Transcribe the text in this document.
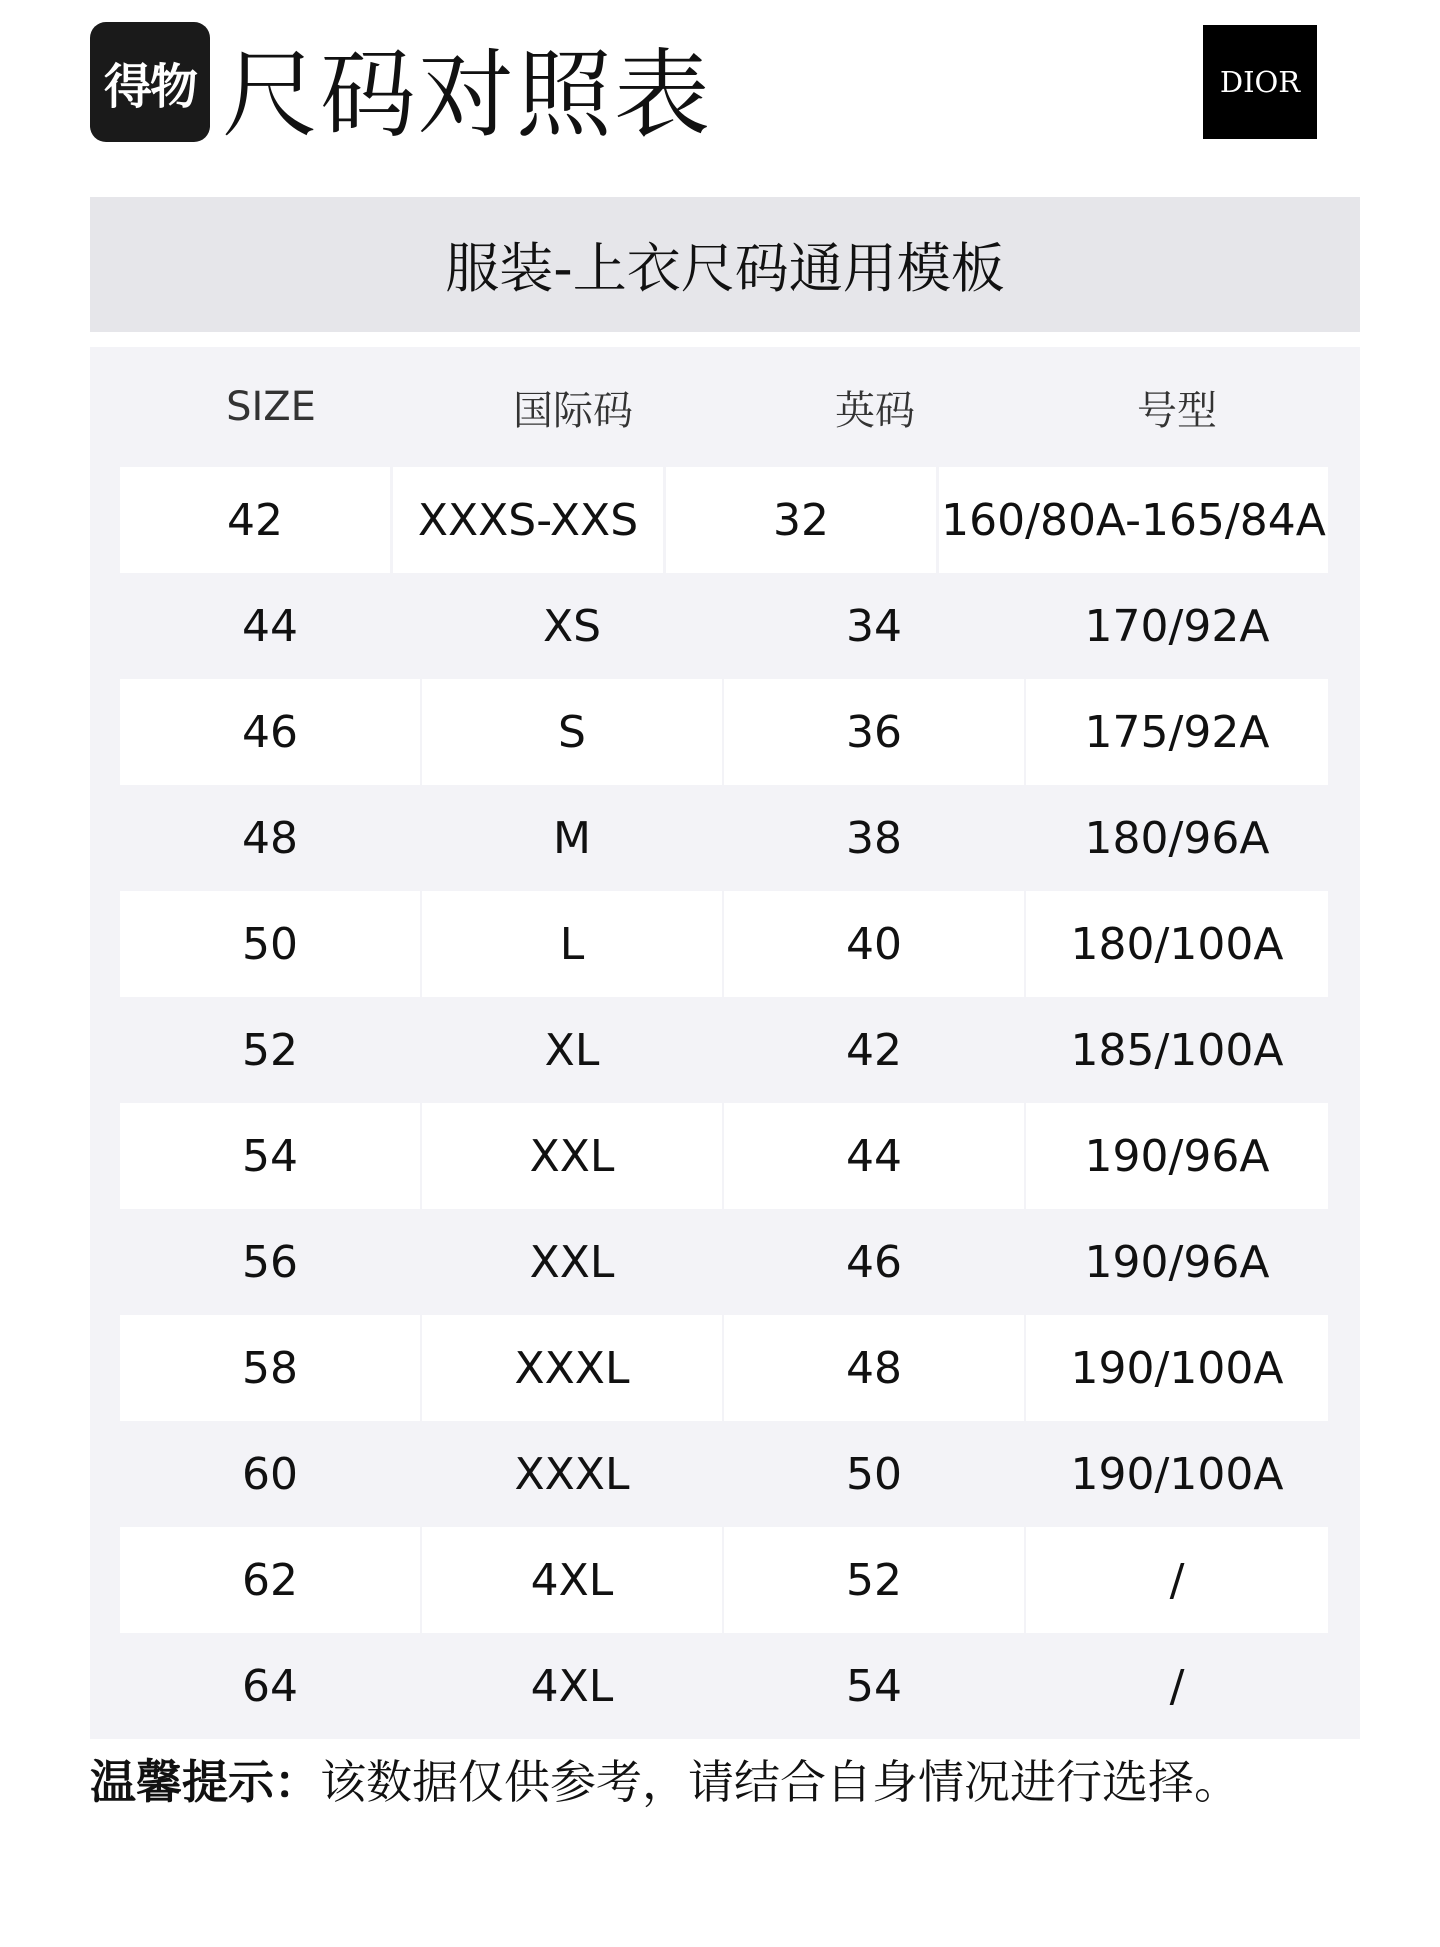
得物 尺码对照表	DIOR
服装-上衣尺码通用模板
SIZE	国际码	英码	号型
42	XXXS-XXS	32	160/80A-165/84A
44	XS	34	170/92A
46	S	36	175/92A
48	M	38	180/96A
50	L	40	180/100A
52	XL	42	185/100A
54	XXL	44	190/96A
56	XXL	46	190/96A
58	XXXL	48	190/100A
60	XXXL	50	190/100A
62	4XL	52	/
64	4XL	54	/
温馨提示：该数据仅供参考，请结合自身情况进行选择。
